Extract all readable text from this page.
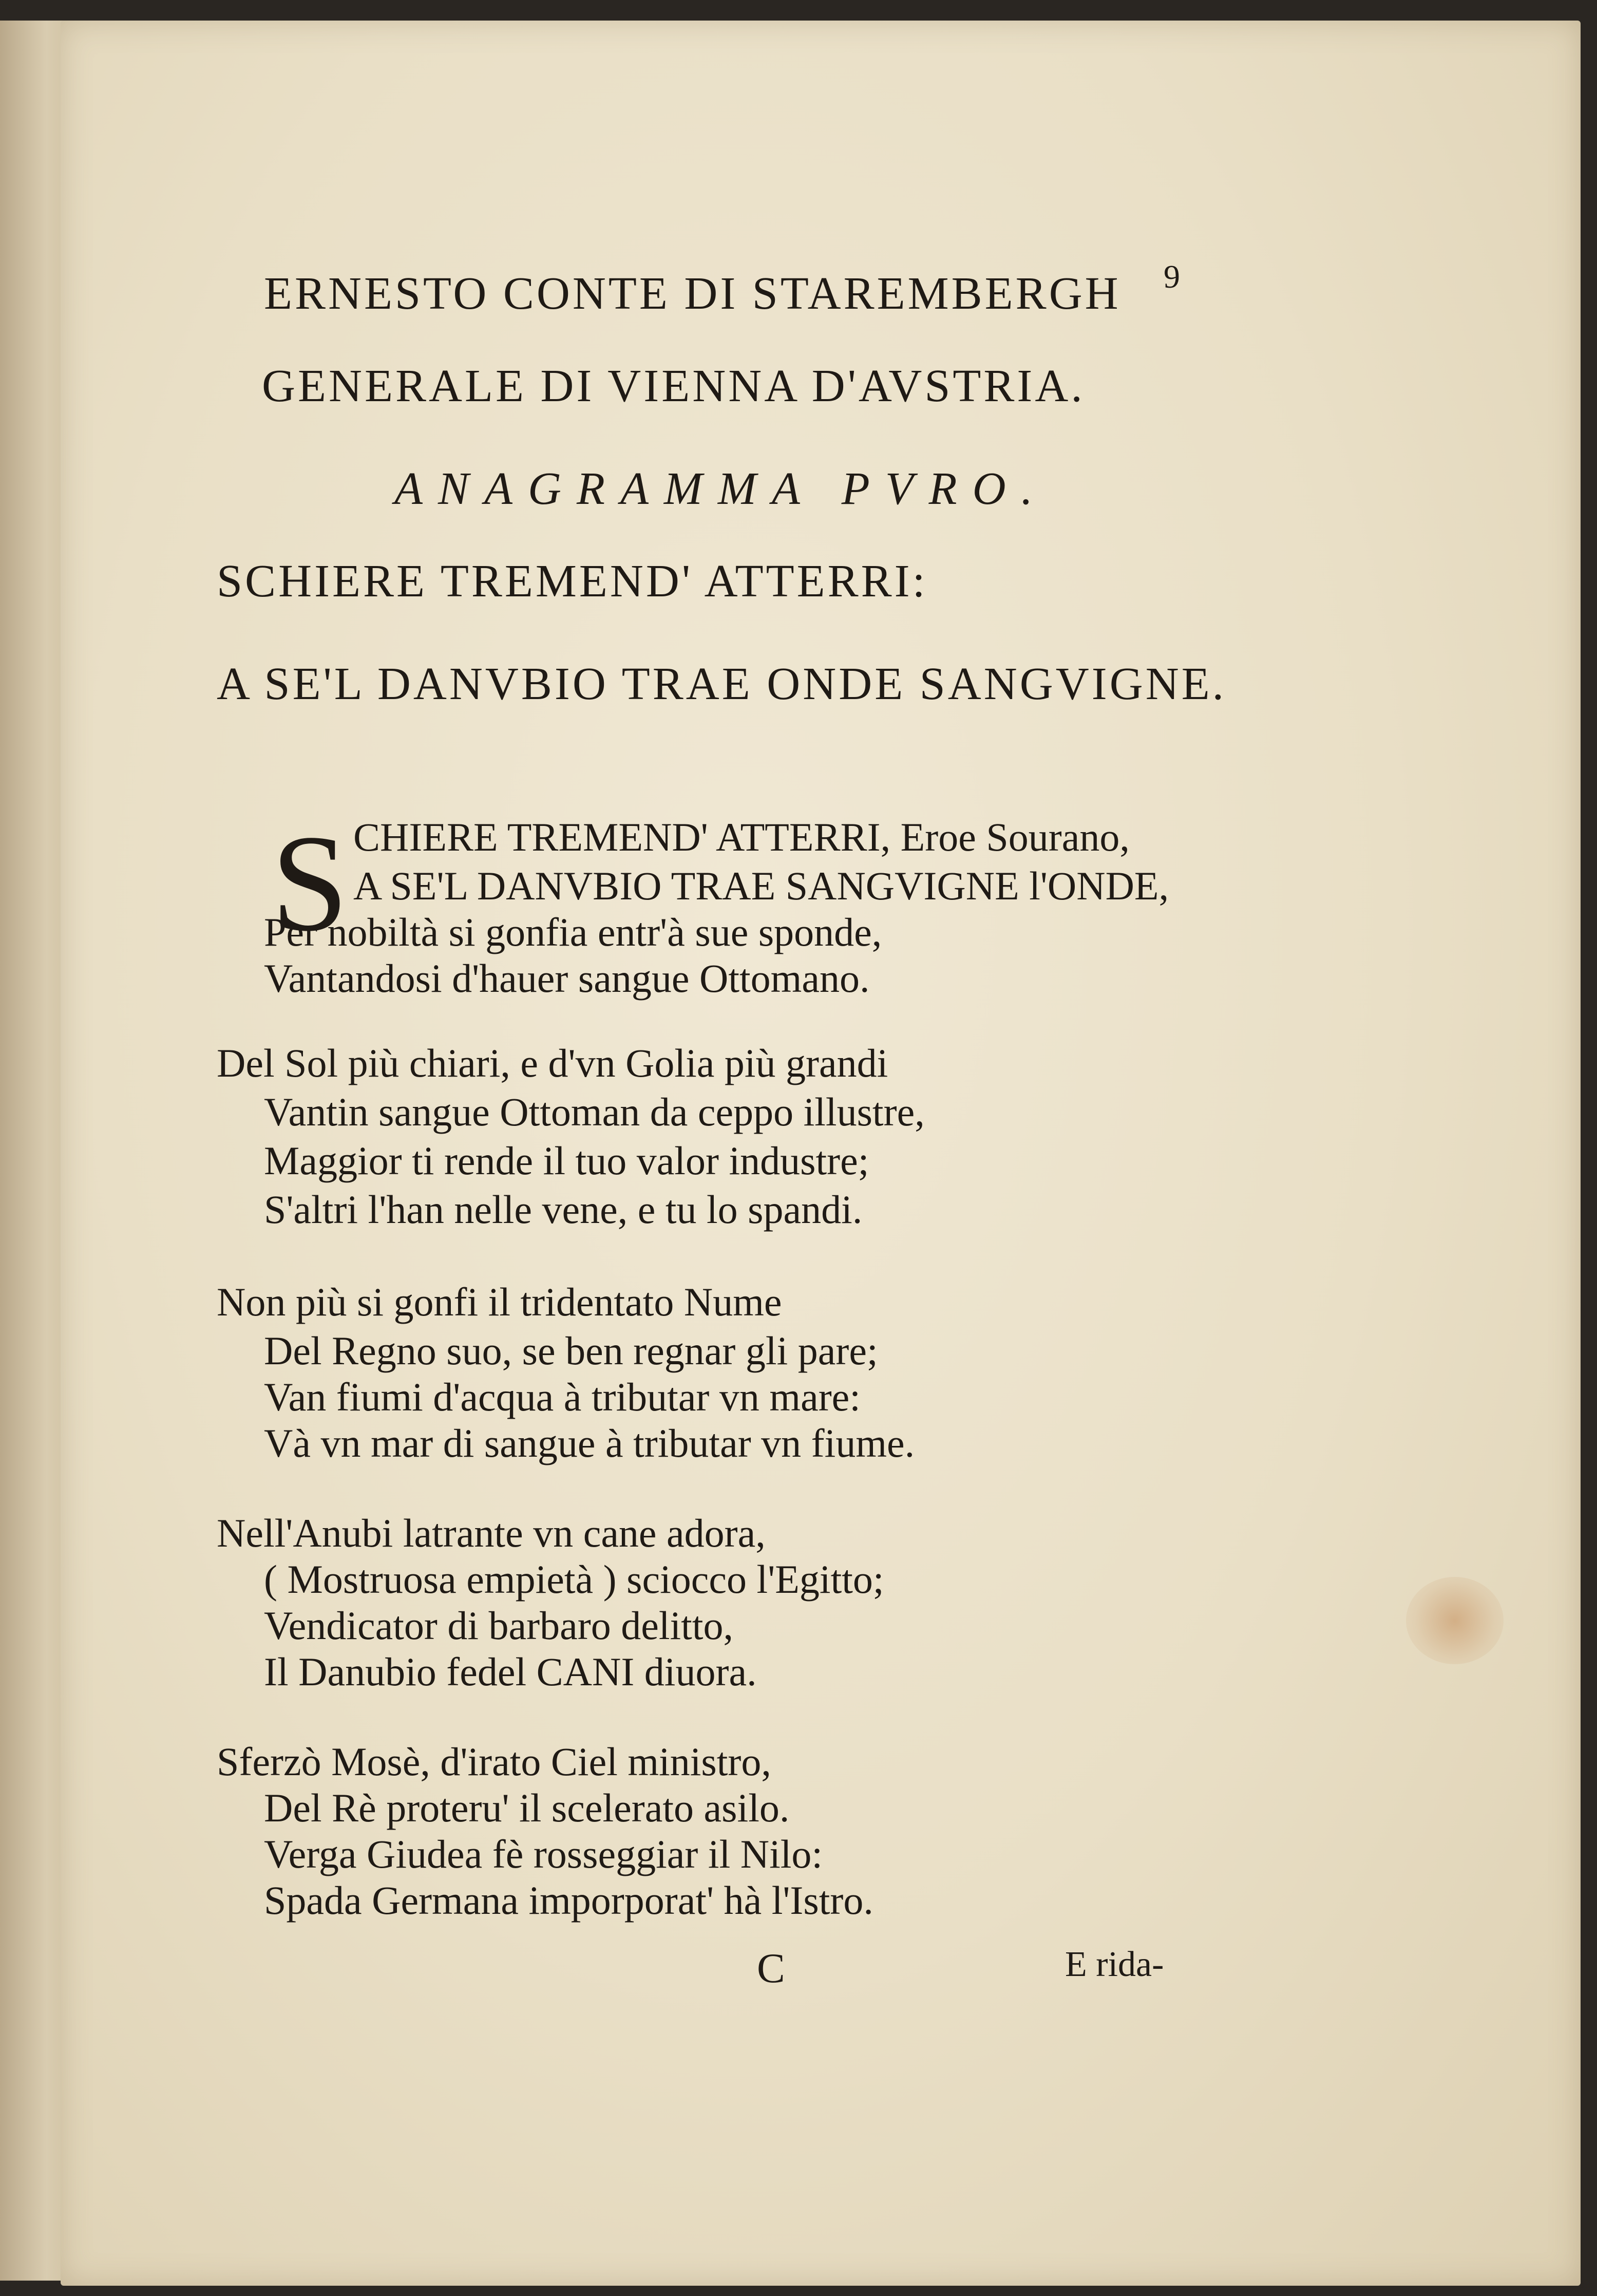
9
ERNESTO CONTE DI STAREMBERGH
GENERALE DI VIENNA D'AVSTRIA.
ANAGRAMMA PVRO.
SCHIERE TREMEND' ATTERRI:
A SE'L DANVBIO TRAE ONDE SANGVIGNE.
S CHIERE TREMEND' ATTERRI, Eroe Sourano,
A SE'L DANVBIO TRAE SANGVIGNE l'ONDE,
Per nobiltà si gonfia entr'à sue sponde,
Vantandosi d'hauer sangue Ottomano.
Del Sol più chiari, e d'vn Golia più grandi
Vantin sangue Ottoman da ceppo illustre,
Maggior ti rende il tuo valor industre;
S'altri l'han nelle vene, e tu lo spandi.
Non più si gonfi il tridentato Nume
Del Regno suo, se ben regnar gli pare;
Van fiumi d'acqua à tributar vn mare:
Và vn mar di sangue à tributar vn fiume.
Nell'Anubi latrante vn cane adora,
( Mostruosa empietà ) sciocco l'Egitto;
Vendicator di barbaro delitto,
Il Danubio fedel CANI diuora.
Sferzò Mosè, d'irato Ciel ministro,
Del Rè proteru' il scelerato asilo.
Verga Giudea fè rosseggiar il Nilo:
Spada Germana imporporat' hà l'Istro.
C	E rida-
